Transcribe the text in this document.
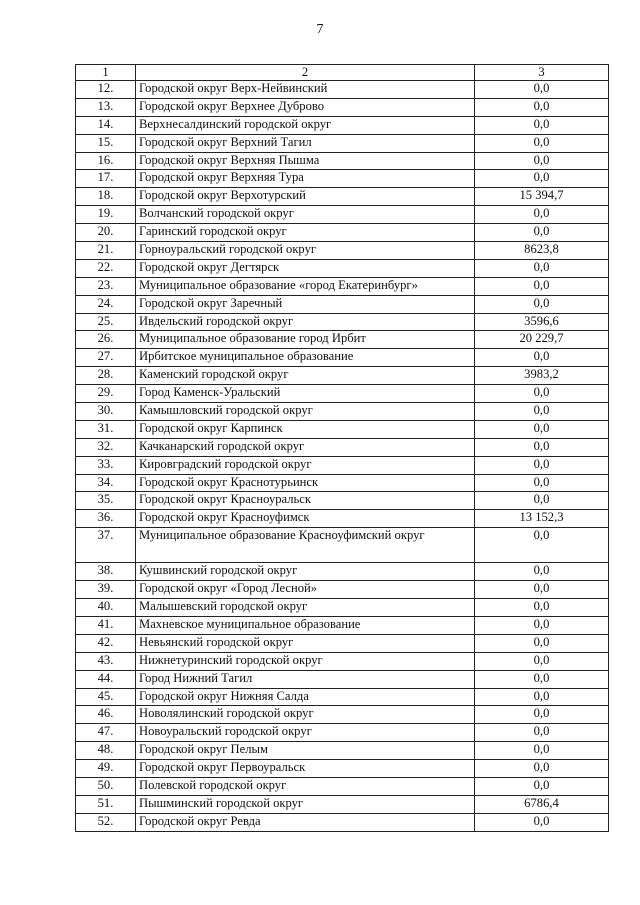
7
1	2	3
12.	Городской округ Верх-Нейвинский	0,0
13.	Городской округ Верхнее Дуброво	0,0
14.	Верхнесалдинский городской округ	0,0
15.	Городской округ Верхний Тагил	0,0
16.	Городской округ Верхняя Пышма	0,0
17.	Городской округ Верхняя Тура	0,0
18.	Городской округ Верхотурский	15 394,7
19.	Волчанский городской округ	0,0
20.	Гаринский городской округ	0,0
21.	Горноуральский городской округ	8623,8
22.	Городской округ Дегтярск	0,0
23.	Муниципальное образование «город Екатеринбург»	0,0
24.	Городской округ Заречный	0,0
25.	Ивдельский городской округ	3596,6
26.	Муниципальное образование город Ирбит	20 229,7
27.	Ирбитское муниципальное образование	0,0
28.	Каменский городской округ	3983,2
29.	Город Каменск-Уральский	0,0
30.	Камышловский городской округ	0,0
31.	Городской округ Карпинск	0,0
32.	Качканарский городской округ	0,0
33.	Кировградский городской округ	0,0
34.	Городской округ Краснотурьинск	0,0
35.	Городской округ Красноуральск	0,0
36.	Городской округ Красноуфимск	13 152,3
37.	Муниципальное образование Красноуфимский округ	0,0
38.	Кушвинский городской округ	0,0
39.	Городской округ «Город Лесной»	0,0
40.	Малышевский городской округ	0,0
41.	Махневское муниципальное образование	0,0
42.	Невьянский городской округ	0,0
43.	Нижнетуринский городской округ	0,0
44.	Город Нижний Тагил	0,0
45.	Городской округ Нижняя Салда	0,0
46.	Новолялинский городской округ	0,0
47.	Новоуральский городской округ	0,0
48.	Городской округ Пелым	0,0
49.	Городской округ Первоуральск	0,0
50.	Полевской городской округ	0,0
51.	Пышминский городской округ	6786,4
52.	Городской округ Ревда	0,0
